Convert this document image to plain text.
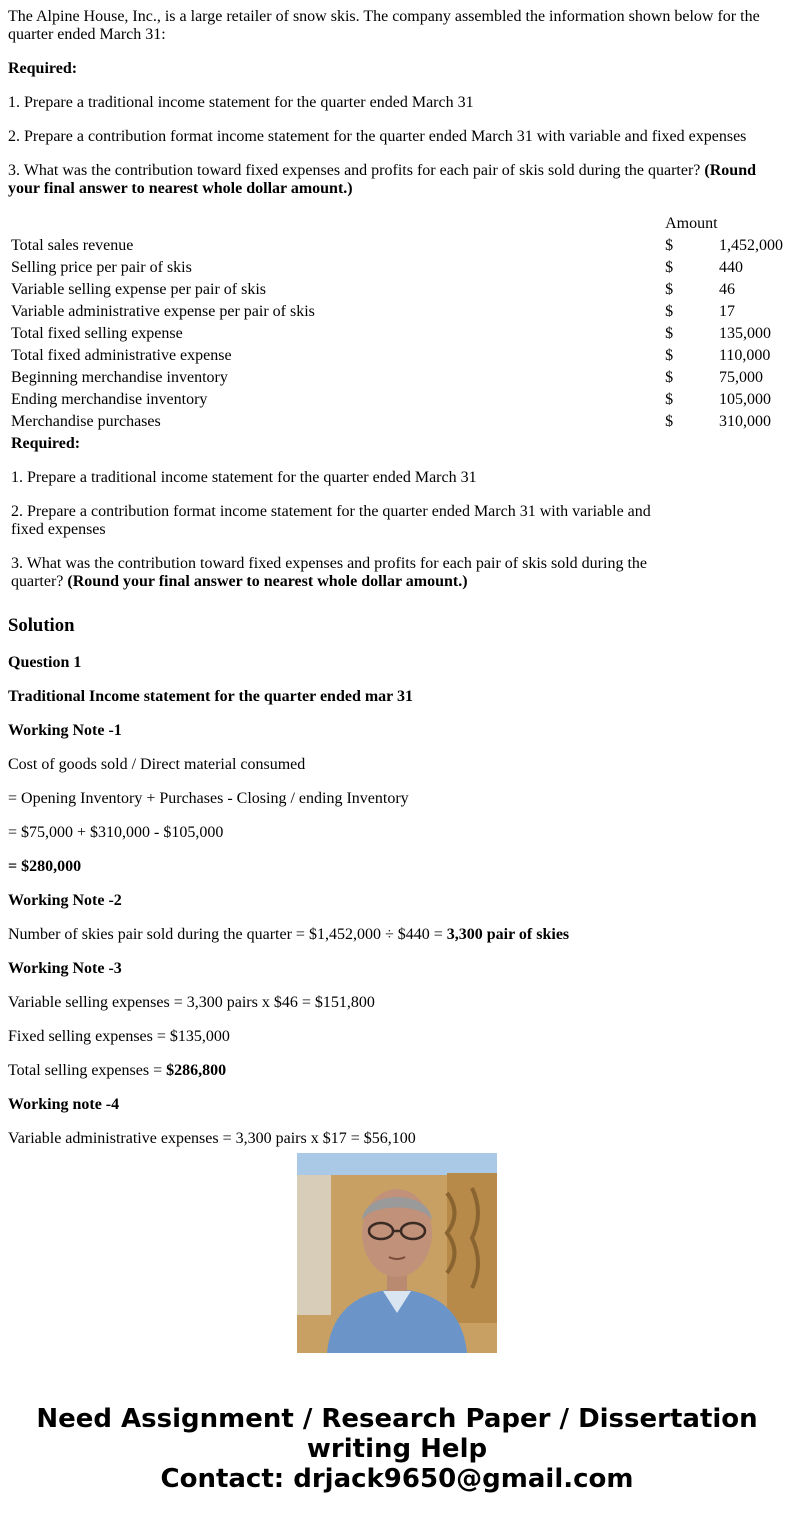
The Alpine House, Inc., is a large retailer of snow skis. The company assembled the information shown below for the quarter ended March 31:

Required:

1. Prepare a traditional income statement for the quarter ended March 31

2. Prepare a contribution format income statement for the quarter ended March 31 with variable and fixed expenses

3. What was the contribution toward fixed expenses and profits for each pair of skis sold during the quarter? (Round your final answer to nearest whole dollar amount.)

	Amount	
Total sales revenue	$	1,452,000
Selling price per pair of skis	$	440
Variable selling expense per pair of skis	$	46
Variable administrative expense per pair of skis	$	17
Total fixed selling expense	$	135,000
Total fixed administrative expense	$	110,000
Beginning merchandise inventory	$	75,000
Ending merchandise inventory	$	105,000
Merchandise purchases	$	310,000

Required:

1. Prepare a traditional income statement for the quarter ended March 31

2. Prepare a contribution format income statement for the quarter ended March 31 with variable and fixed expenses

3. What was the contribution toward fixed expenses and profits for each pair of skis sold during the quarter? (Round your final answer to nearest whole dollar amount.)		

Solution

Question 1

Traditional Income statement for the quarter ended mar 31

Working Note -1

Cost of goods sold / Direct material consumed

= Opening Inventory + Purchases - Closing / ending Inventory

= $75,000 + $310,000 - $105,000

= $280,000

Working Note -2

Number of skies pair sold during the quarter = $1,452,000 ÷ $440 = 3,300 pair of skies

Working Note -3

Variable selling expenses = 3,300 pairs x $46 = $151,800

Fixed selling expenses = $135,000

Total selling expenses = $286,800

Working note -4

Variable administrative expenses = 3,300 pairs x $17 = $56,100

Need Assignment / Research Paper / Dissertation
writing Help
Contact: drjack9650@gmail.com
